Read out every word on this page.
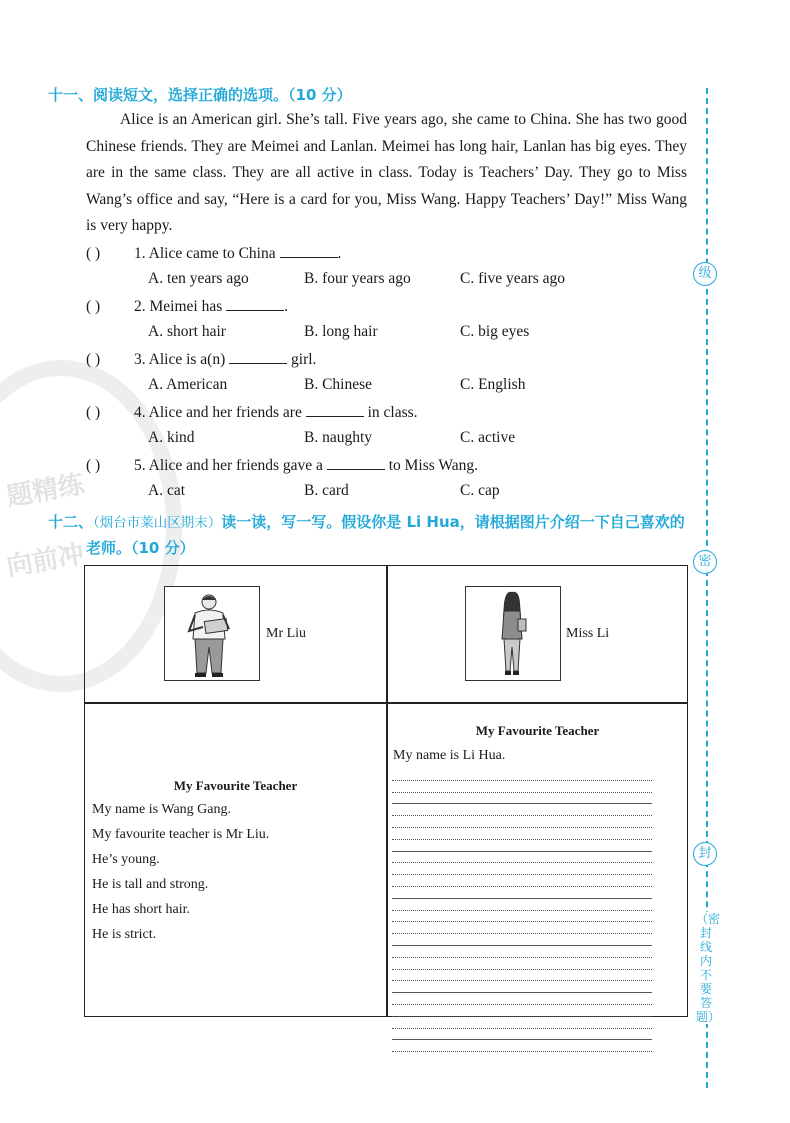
题精练
向前冲
十一、阅读短文，选择正确的选项。（10 分）
Alice is an American girl. She’s tall. Five years ago, she came to China. She has two good Chinese friends. They are Meimei and Lanlan. Meimei has long hair, Lanlan has big eyes. They are in the same class. They are all active in class. Today is Teachers’ Day. They go to Miss Wang’s office and say, “Here is a card for you, Miss Wang. Happy Teachers’ Day!” Miss Wang is very happy.
( ) 1. Alice came to China	.
A. ten years ago	B. four years ago	C. five years ago
( ) 2. Meimei has	.
A. short hair	B. long hair	C. big eyes
( ) 3. Alice is a(n)	girl.
A. American	B. Chinese	C. English
( ) 4. Alice and her friends are	in class.
A. kind	B. naughty	C. active
( ) 5. Alice and her friends gave a	to Miss Wang.
A. cat	B. card	C. cap
十二、（烟台市莱山区期末）读一读，写一写。假设你是 Li Hua，请根据图片介绍一下自己喜欢的
老师。（10 分）
Mr Liu	Miss Li
My Favourite Teacher
My name is Wang Gang.
My favourite teacher is Mr Liu.
He’s young.
He is tall and strong.
He has short hair.
He is strict.
My Favourite Teacher
My name is Li Hua.
级
密
封
（密封线内不要答题）
